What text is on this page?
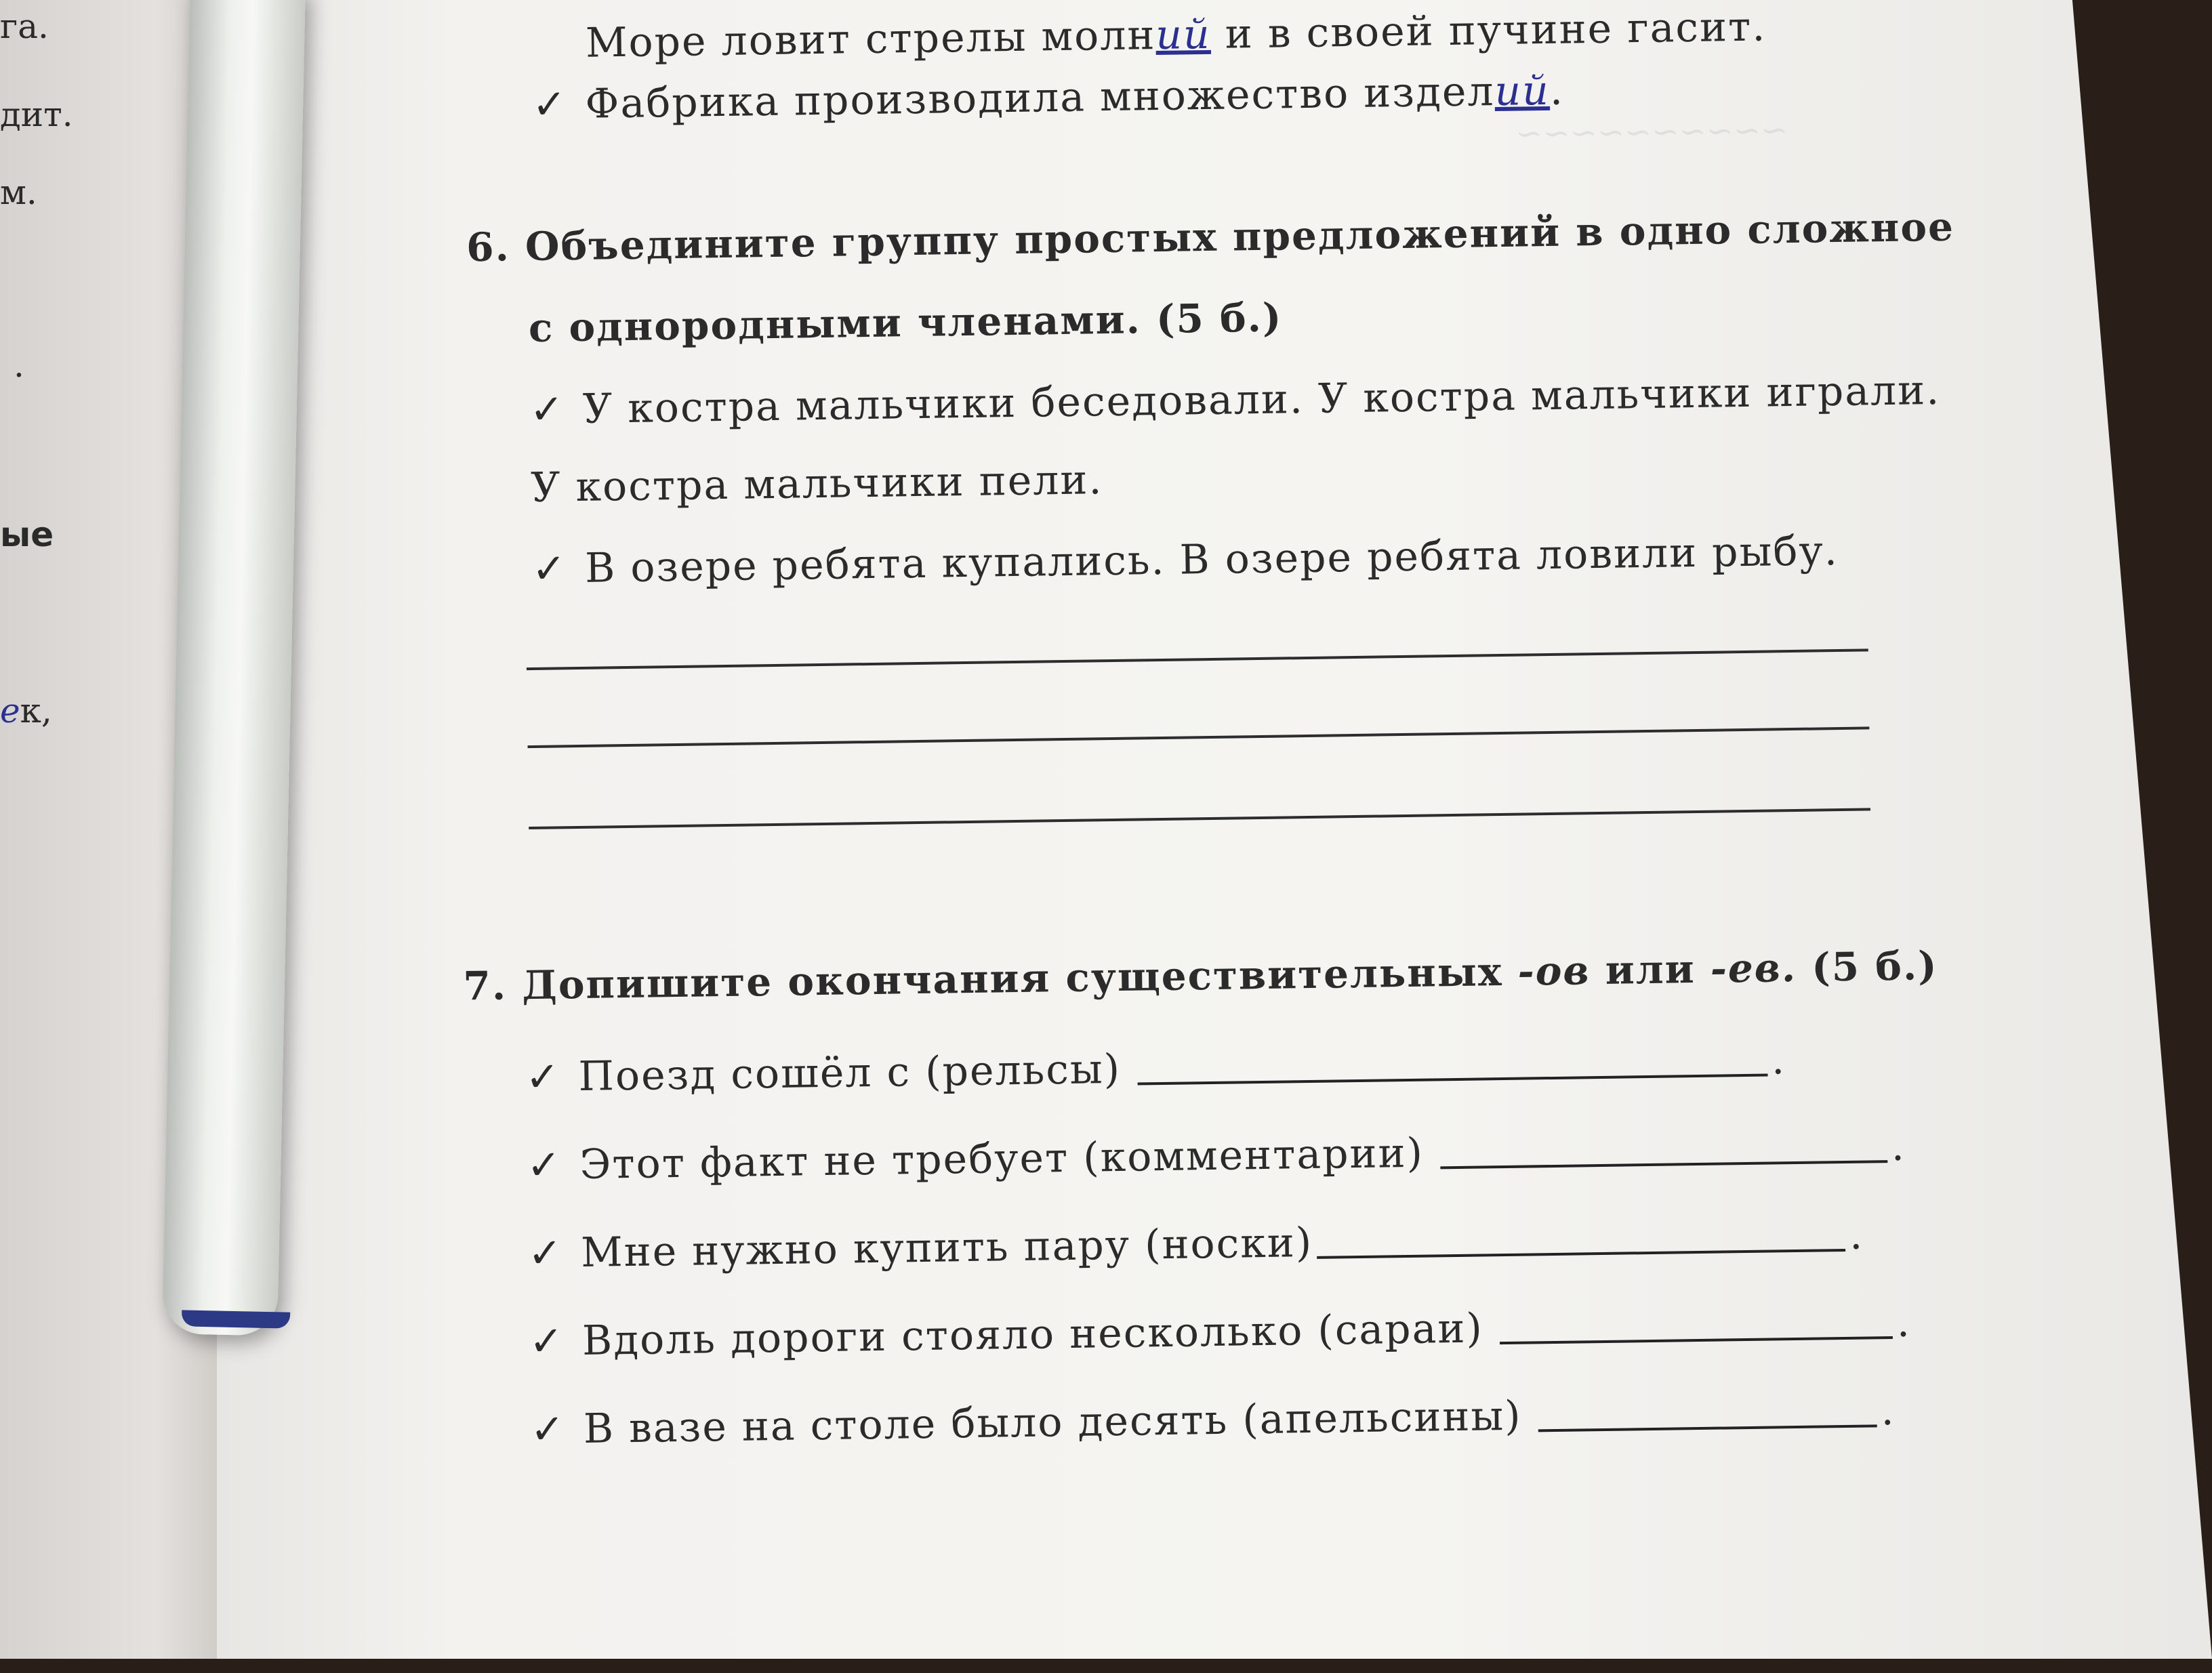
га.
дит.
м.
.
ые
ек,
~~~~~~~~~~
Море ловит стрелы молний и в своей пучине гасит.
✓ Фабрика производила множество изделий.
6. Объедините группу простых предложений в одно сложное
с однородными членами. (5 б.)
✓ У костра мальчики беседовали. У костра мальчики играли.
У костра мальчики пели.
✓ В озере ребята купались. В озере ребята ловили рыбу.
7. Допишите окончания существительных -ов или -ев. (5 б.)
✓ Поезд сошёл с (рельсы)	.
✓ Этот факт не требует (комментарии)	.
✓ Мне нужно купить пару (носки)	.
✓ Вдоль дороги стояло несколько (сараи)	.
✓ В вазе на столе было десять (апельсины)	.
